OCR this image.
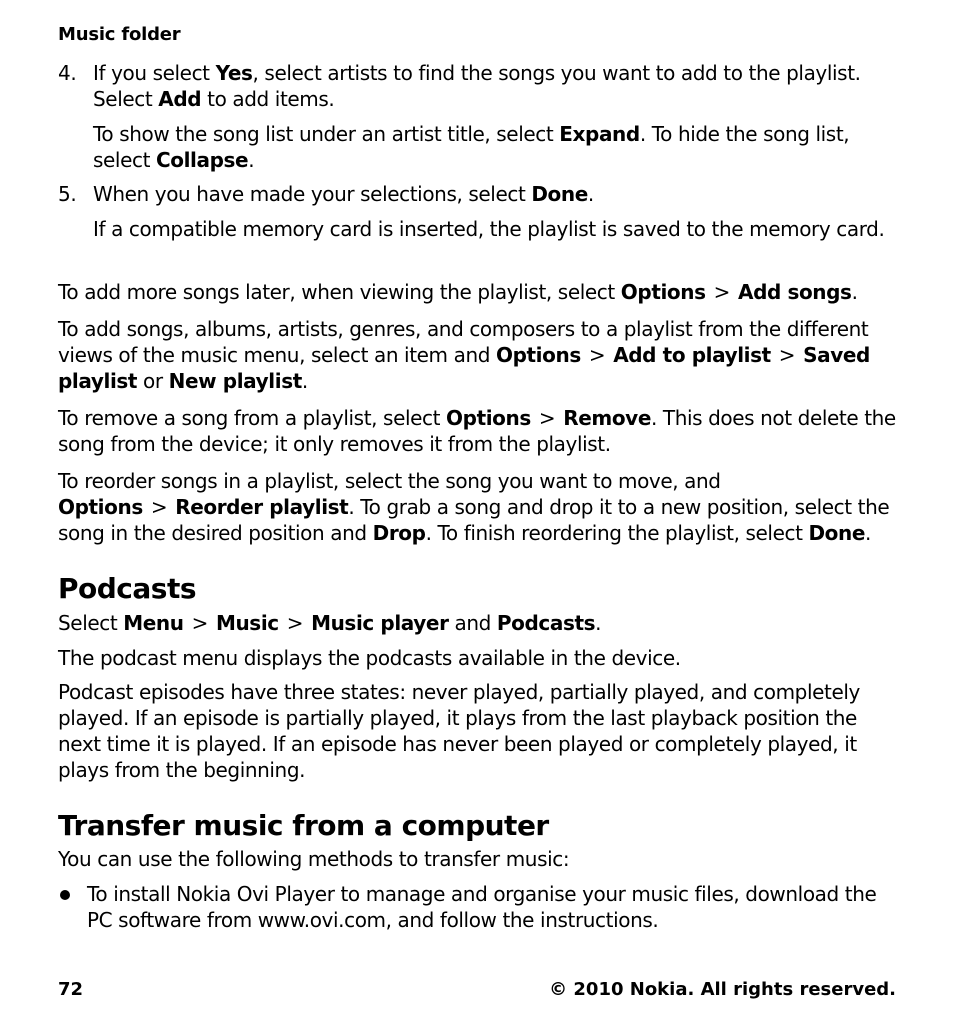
Music folder
4. If you select Yes, select artists to find the songs you want to add to the playlist. Select Add to add items.

To show the song list under an artist title, select Expand. To hide the song list, select Collapse.

5. When you have made your selections, select Done.

If a compatible memory card is inserted, the playlist is saved to the memory card.

To add more songs later, when viewing the playlist, select Options > Add songs.

To add songs, albums, artists, genres, and composers to a playlist from the different views of the music menu, select an item and Options > Add to playlist > Saved playlist or New playlist.

To remove a song from a playlist, select Options > Remove. This does not delete the song from the device; it only removes it from the playlist.

To reorder songs in a playlist, select the song you want to move, and Options > Reorder playlist. To grab a song and drop it to a new position, select the song in the desired position and Drop. To finish reordering the playlist, select Done.

Podcasts

Select Menu > Music > Music player and Podcasts.

The podcast menu displays the podcasts available in the device.

Podcast episodes have three states: never played, partially played, and completely played. If an episode is partially played, it plays from the last playback position the next time it is played. If an episode has never been played or completely played, it plays from the beginning.

Transfer music from a computer

You can use the following methods to transfer music:

To install Nokia Ovi Player to manage and organise your music files, download the PC software from www.ovi.com, and follow the instructions.

72	© 2010 Nokia. All rights reserved.
